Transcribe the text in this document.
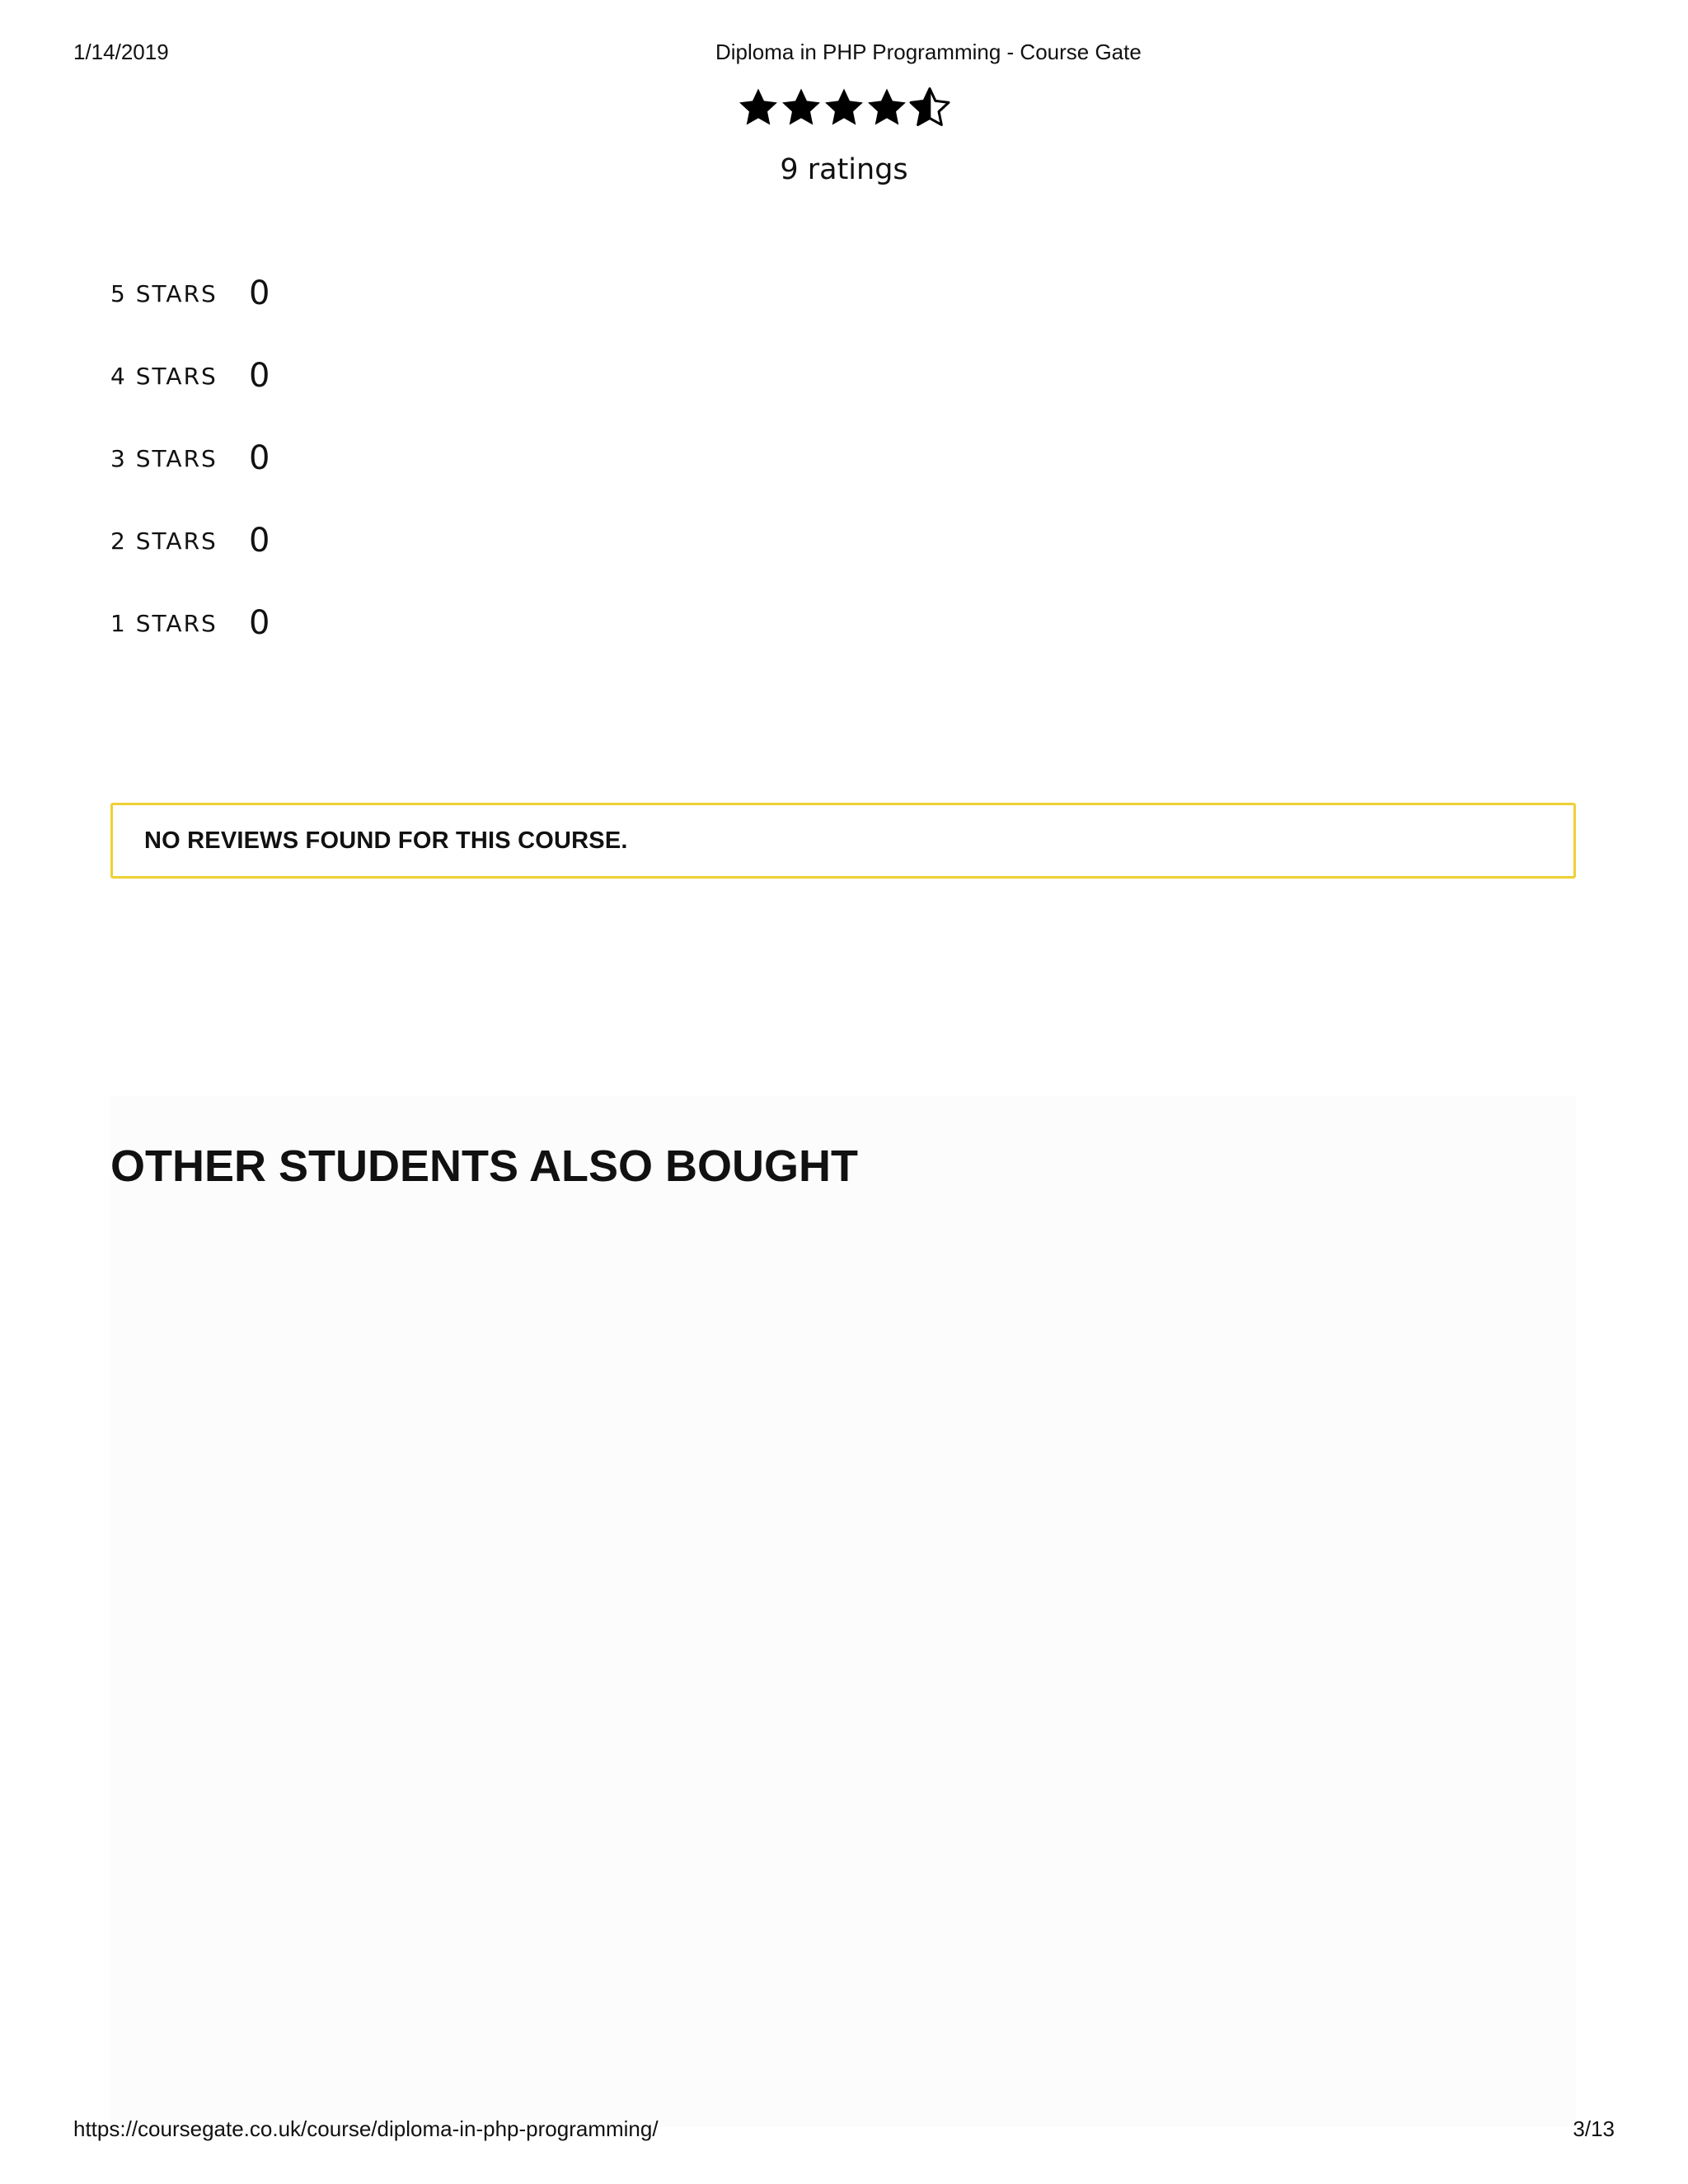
1/14/2019	Diploma in PHP Programming - Course Gate
9 ratings
5 STARS 0
4 STARS 0
3 STARS 0
2 STARS 0
1 STARS 0
NO REVIEWS FOUND FOR THIS COURSE.
OTHER STUDENTS ALSO BOUGHT
https://coursegate.co.uk/course/diploma-in-php-programming/	3/13
